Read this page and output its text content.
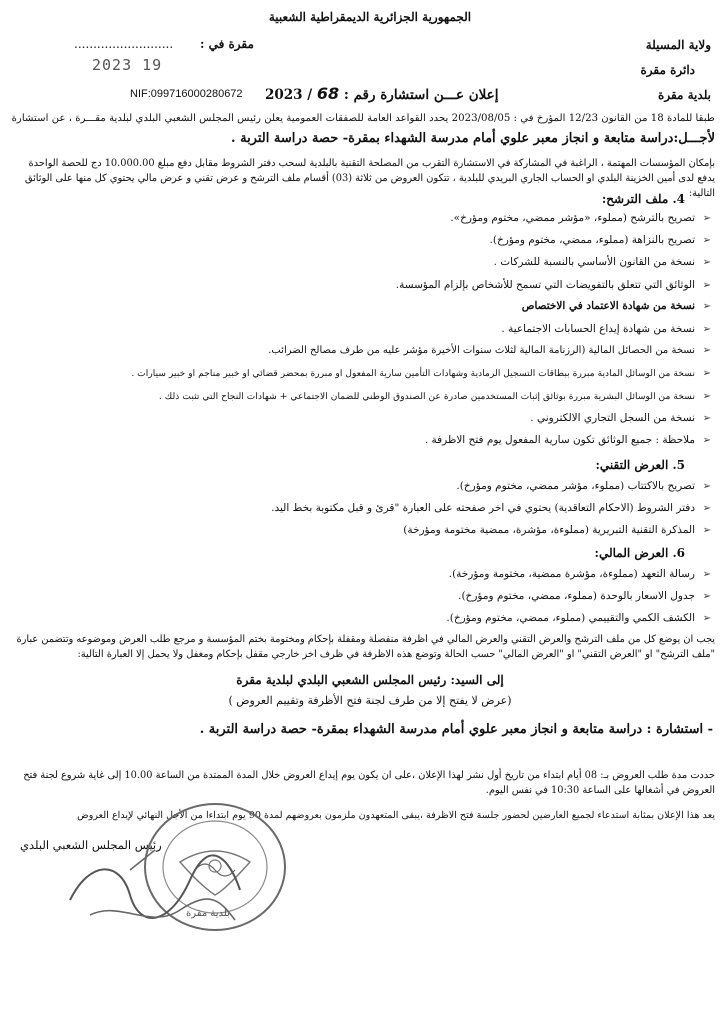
الجمهورية الجزائرية الديمقراطية الشعبية
ولاية المسيلة
دائرة مقرة
بلدية مقرة
مقرة في :
..........................
2023 19
NIF:099716000280672	إعلان عـــن استشارة رقم : 68 / 2023
طبقا للمادة 18 من القانون 12/23 المؤرخ في : 2023/08/05 يحدد القواعد العامة للصفقات العمومية يعلن رئيس المجلس الشعبي البلدي لبلدية مقـــرة ، عن استشارة
لأجـــل:دراسة متابعة و انجاز معبر علوي أمام مدرسة الشهداء بمقرة- حصة دراسة التربة .
بإمكان المؤسسات المهتمة ، الراغبة في المشاركة في الاستشارة التقرب من المصلحة التقنية بالبلدية لسحب دفتر الشروط مقابل دفع مبلغ 10.000.00 دج للحصة الواحدة يدفع لدى أمين الخزينة البلدي او الحساب الجاري البريدي للبلدية ، تتكون العروض من ثلاثة (03) أقسام ملف الترشح و عرض تقني و عرض مالي يحتوي كل منها على الوثائق التالية:
4. ملف الترشح:
➢تصريح بالترشح (مملوء، «مؤشر ممضي، مختوم ومؤرخ».
➢تصريح بالنزاهة (مملوء، ممضي، مختوم ومؤرخ).
➢نسخة من القانون الأساسي بالنسبة للشركات .
➢الوثائق التي تتعلق بالتفويضات التي تسمح للأشخاص بإلزام المؤسسة.
➢نسخة من شهادة الاعتماد في الاختصاص
➢نسخة من شهادة إيداع الحسابات الاجتماعية .
➢نسخة من الحصائل المالية (الرزنامة المالية لثلاث سنوات الأخيرة مؤشر عليه من طرف مصالح الضرائب.
➢نسخة من الوسائل المادية مبررة ببطاقات التسجيل الرمادية وشهادات التأمين سارية المفعول او مبررة بمحضر قضائي او خبير مناجم او خبير سيارات .
➢نسخة من الوسائل البشرية مبررة بوثائق إثبات المستخدمين صادرة عن الصندوق الوطني للضمان الاجتماعي + شهادات النجاح التي تثبت ذلك .
➢نسخة من السجل التجاري الالكتروني .
➢ملاحظة : جميع الوثائق تكون سارية المفعول يوم فتح الاظرفة .
5. العرض التقني:
➢تصريح بالاكتتاب (مملوء، مؤشر ممضي، مختوم ومؤرخ).
➢دفتر الشروط (الاحكام التعاقدية) يحتوي في اخر صفحته على العبارة "قرئ و قبل مكتوبة بخط اليد.
➢المذكرة التقنية التبريرية (مملوءة، مؤشرة، ممضية مختومة ومؤرخة)
6. العرض المالي:
➢رسالة التعهد (مملوءة، مؤشرة ممضية، مختومة ومؤرخة).
➢جدول الاسعار بالوحدة (مملوء، ممضي، مختوم ومؤرخ).
➢الكشف الكمي والتقييمي (مملوء، ممضي، مختوم ومؤرخ).
يجب ان يوضع كل من ملف الترشح والعرض التقني والعرض المالي في اظرفة منفصلة ومقفلة بإحكام ومختومة بختم المؤسسة و مرجع طلب العرض وموضوعه وتتضمن عبارة "ملف الترشح" او "العرض التقني" او "العرض المالي" حسب الحالة وتوضع هذه الاظرفة في ظرف اخر خارجي مقفل بإحكام ومغفل ولا يحمل إلا العبارة التالية:
إلى السيد: رئيس المجلس الشعبي البلدي لبلدية مقرة
(عرض لا يفتح إلا من طرف لجنة فتح الأظرفة وتقييم العروض )
- استشارة : دراسة متابعة و انجاز معبر علوي أمام مدرسة الشهداء بمقرة- حصة دراسة التربة .
حددت مدة طلب العروض بـ: 08 أيام ابتداء من تاريخ أول نشر لهذا الإعلان ،على ان يكون يوم إيداع العروض خلال المدة الممتدة من الساعة 10.00 إلى غاية شروع لجنة فتح العروض في أشغالها على الساعة 10:30 في نفس اليوم.
يعد هذا الإعلان بمثابة استدعاء لجميع العارضين لحضور جلسة فتح الاظرفة ،يبقى المتعهدون ملزمون بعروضهم لمدة 90 يوم ابتداءا من الأجل النهائي لإيداع العروض
رئيس المجلس الشعبي البلدي
بلدية مقرة
